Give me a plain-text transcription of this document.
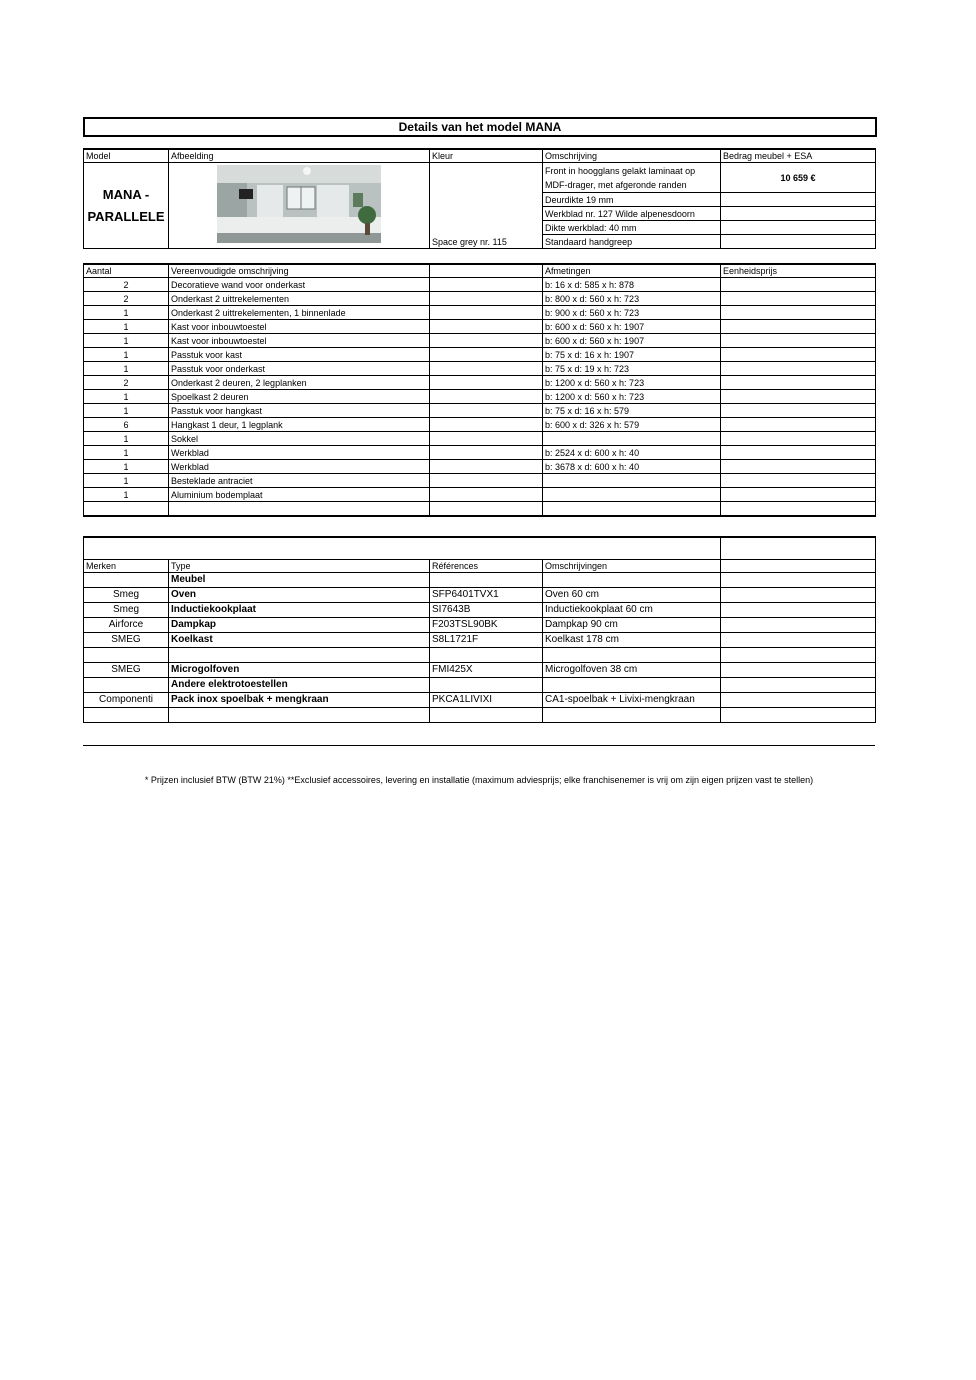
Details van het model MANA
Model	Afbeelding	Kleur	Omschrijving	Bedrag meubel + ESA
MANA - PARALLELE		Space grey nr. 115	Front in hoogglans gelakt laminaat op MDF-drager, met afgeronde randen	10 659 €
			Deurdikte 19 mm	
			Werkblad nr. 127 Wilde alpenesdoorn	
			Dikte werkblad: 40 mm	
			Standaard handgreep	
Aantal	Vereenvoudigde omschrijving		Afmetingen	Eenheidsprijs
2	Decoratieve wand voor onderkast		b: 16 x d: 585 x h: 878	
2	Onderkast 2 uittrekelementen		b: 800 x d: 560 x h: 723	
1	Onderkast 2 uittrekelementen, 1 binnenlade		b: 900 x d: 560 x h: 723	
1	Kast voor inbouwtoestel		b: 600 x d: 560 x h: 1907	
1	Kast voor inbouwtoestel		b: 600 x d: 560 x h: 1907	
1	Passtuk voor kast		b: 75 x d: 16 x h: 1907	
1	Passtuk voor onderkast		b: 75 x d: 19 x h: 723	
2	Onderkast 2 deuren, 2 legplanken		b: 1200 x d: 560 x h: 723	
1	Spoelkast 2 deuren		b: 1200 x d: 560 x h: 723	
1	Passtuk voor hangkast		b: 75 x d: 16 x h: 579	
6	Hangkast 1 deur, 1 legplank		b: 600 x d: 326 x h: 579	
1	Sokkel			
1	Werkblad		b: 2524 x d: 600 x h: 40	
1	Werkblad		b: 3678 x d: 600 x h: 40	
1	Besteklade antraciet			
1	Aluminium bodemplaat			

Merken	Type	Références	Omschrijvingen	
	Meubel			
Smeg	Oven	SFP6401TVX1	Oven 60 cm	
Smeg	Inductiekookplaat	SI7643B	Inductiekookplaat 60 cm	
Airforce	Dampkap	F203TSL90BK	Dampkap 90 cm	
SMEG	Koelkast	S8L1721F	Koelkast 178 cm	

SMEG	Microgolfoven	FMI425X	Microgolfoven 38 cm	
	Andere elektrotoestellen			
Componenti	Pack inox spoelbak + mengkraan	PKCA1LIVIXI	CA1-spoelbak + Livixi-mengkraan	

* Prijzen inclusief BTW (BTW 21%) **Exclusief accessoires, levering en installatie (maximum adviesprijs; elke franchisenemer is vrij om zijn eigen prijzen vast te stellen)
